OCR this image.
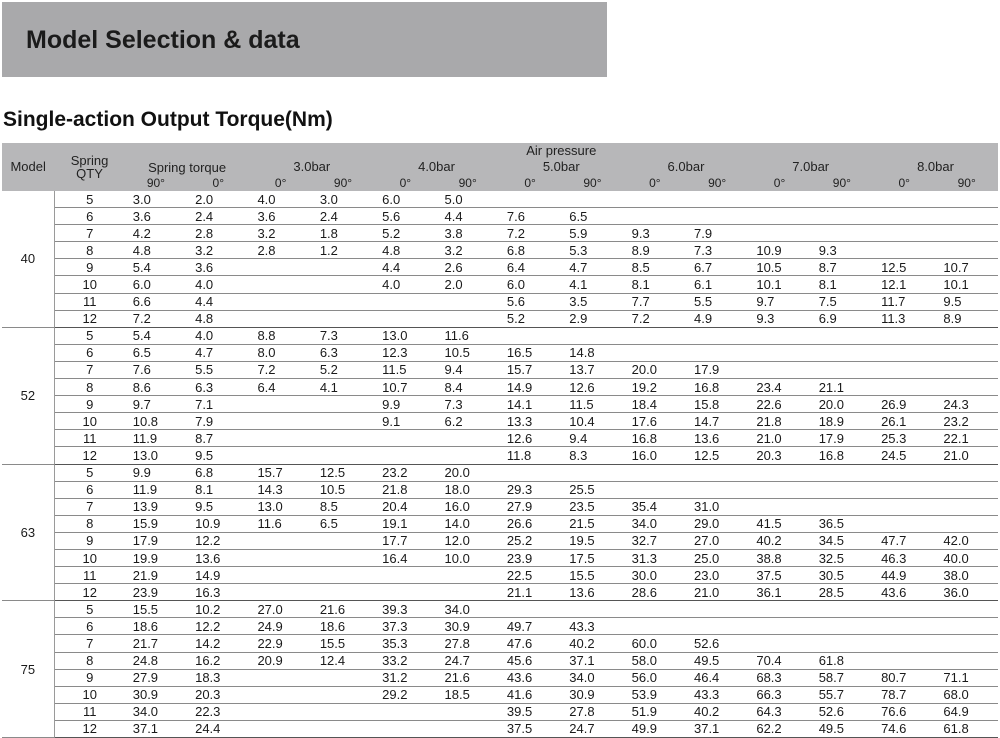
Model Selection & data
Single-action Output Torque(Nm)
Model	Spring QTY	Spring torque						Air pressure							
				3.0bar		4.0bar		5.0bar		6.0bar		7.0bar		8.0bar	
		90°	0°	0°	90°	0°	90°	0°	90°	0°	90°	0°	90°	0°	90°
40	5	3.0	2.0	4.0	3.0	6.0	5.0								
	6	3.6	2.4	3.6	2.4	5.6	4.4	7.6	6.5						
	7	4.2	2.8	3.2	1.8	5.2	3.8	7.2	5.9	9.3	7.9				
	8	4.8	3.2	2.8	1.2	4.8	3.2	6.8	5.3	8.9	7.3	10.9	9.3		
	9	5.4	3.6			4.4	2.6	6.4	4.7	8.5	6.7	10.5	8.7	12.5	10.7
	10	6.0	4.0			4.0	2.0	6.0	4.1	8.1	6.1	10.1	8.1	12.1	10.1
	11	6.6	4.4					5.6	3.5	7.7	5.5	9.7	7.5	11.7	9.5
	12	7.2	4.8					5.2	2.9	7.2	4.9	9.3	6.9	11.3	8.9
52	5	5.4	4.0	8.8	7.3	13.0	11.6								
	6	6.5	4.7	8.0	6.3	12.3	10.5	16.5	14.8						
	7	7.6	5.5	7.2	5.2	11.5	9.4	15.7	13.7	20.0	17.9				
	8	8.6	6.3	6.4	4.1	10.7	8.4	14.9	12.6	19.2	16.8	23.4	21.1		
	9	9.7	7.1			9.9	7.3	14.1	11.5	18.4	15.8	22.6	20.0	26.9	24.3
	10	10.8	7.9			9.1	6.2	13.3	10.4	17.6	14.7	21.8	18.9	26.1	23.2
	11	11.9	8.7					12.6	9.4	16.8	13.6	21.0	17.9	25.3	22.1
	12	13.0	9.5					11.8	8.3	16.0	12.5	20.3	16.8	24.5	21.0
63	5	9.9	6.8	15.7	12.5	23.2	20.0								
	6	11.9	8.1	14.3	10.5	21.8	18.0	29.3	25.5						
	7	13.9	9.5	13.0	8.5	20.4	16.0	27.9	23.5	35.4	31.0				
	8	15.9	10.9	11.6	6.5	19.1	14.0	26.6	21.5	34.0	29.0	41.5	36.5		
	9	17.9	12.2			17.7	12.0	25.2	19.5	32.7	27.0	40.2	34.5	47.7	42.0
	10	19.9	13.6			16.4	10.0	23.9	17.5	31.3	25.0	38.8	32.5	46.3	40.0
	11	21.9	14.9					22.5	15.5	30.0	23.0	37.5	30.5	44.9	38.0
	12	23.9	16.3					21.1	13.6	28.6	21.0	36.1	28.5	43.6	36.0
75	5	15.5	10.2	27.0	21.6	39.3	34.0								
	6	18.6	12.2	24.9	18.6	37.3	30.9	49.7	43.3						
	7	21.7	14.2	22.9	15.5	35.3	27.8	47.6	40.2	60.0	52.6				
	8	24.8	16.2	20.9	12.4	33.2	24.7	45.6	37.1	58.0	49.5	70.4	61.8		
	9	27.9	18.3			31.2	21.6	43.6	34.0	56.0	46.4	68.3	58.7	80.7	71.1
	10	30.9	20.3			29.2	18.5	41.6	30.9	53.9	43.3	66.3	55.7	78.7	68.0
	11	34.0	22.3					39.5	27.8	51.9	40.2	64.3	52.6	76.6	64.9
	12	37.1	24.4					37.5	24.7	49.9	37.1	62.2	49.5	74.6	61.8
